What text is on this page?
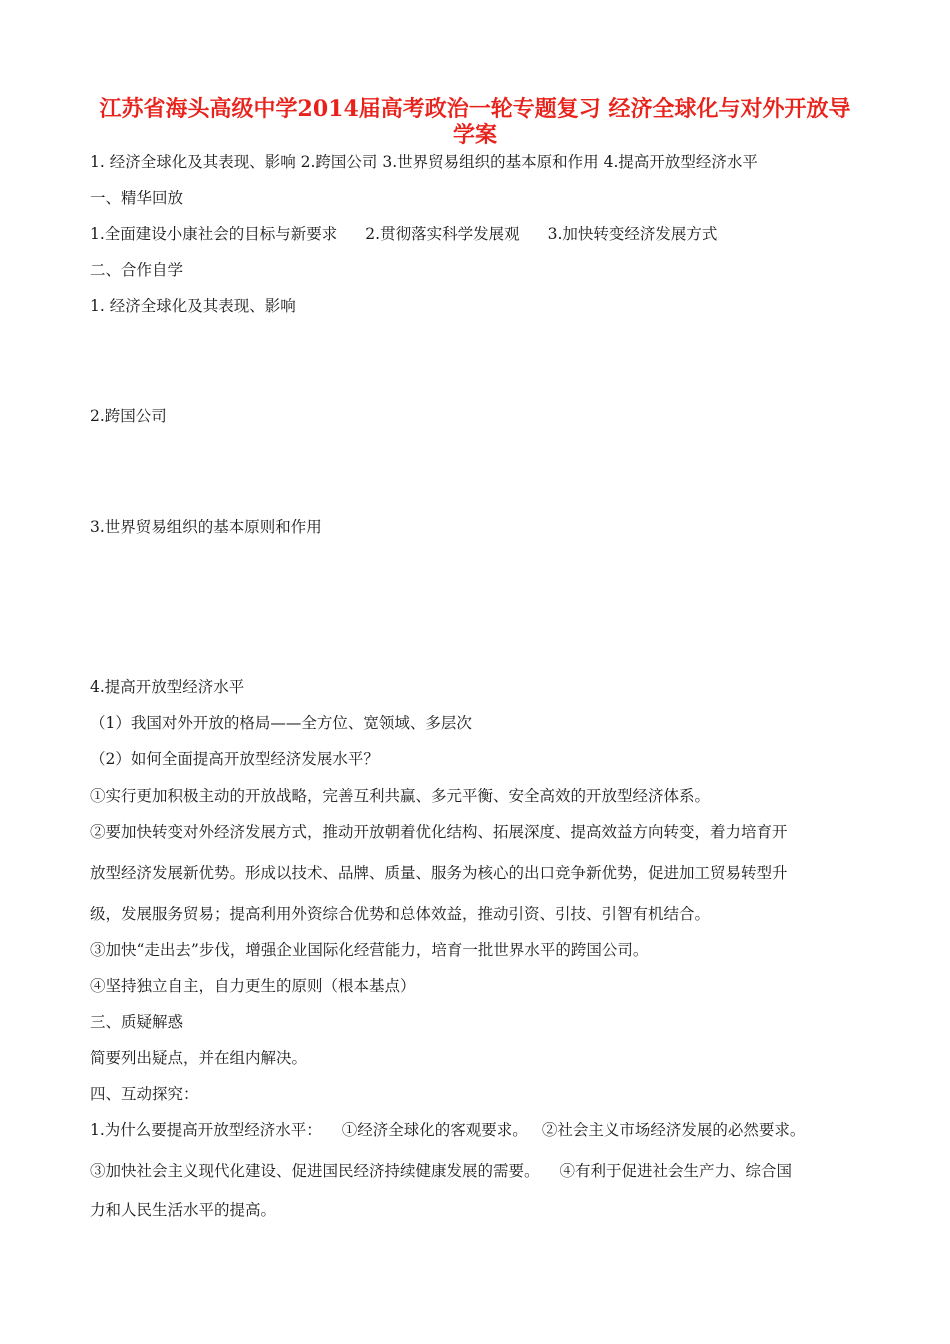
江苏省海头高级中学2014届高考政治一轮专题复习 经济全球化与对外开放导学案

1. 经济全球化及其表现、影响 2.跨国公司 3.世界贸易组织的基本原和作用 4.提高开放型经济水平

一、精华回放

1.全面建设小康社会的目标与新要求 2.贯彻落实科学发展观 3.加快转变经济发展方式

二、合作自学

1. 经济全球化及其表现、影响

2.跨国公司

3.世界贸易组织的基本原则和作用

4.提高开放型经济水平

（1）我国对外开放的格局——全方位、宽领域、多层次

（2）如何全面提高开放型经济发展水平？

①实行更加积极主动的开放战略，完善互利共赢、多元平衡、安全高效的开放型经济体系。

②要加快转变对外经济发展方式，推动开放朝着优化结构、拓展深度、提高效益方向转变，着力培育开

放型经济发展新优势。形成以技术、品牌、质量、服务为核心的出口竞争新优势，促进加工贸易转型升

级，发展服务贸易；提高利用外资综合优势和总体效益，推动引资、引技、引智有机结合。

③加快“走出去”步伐，增强企业国际化经营能力，培育一批世界水平的跨国公司。

④坚持独立自主，自力更生的原则（根本基点）

三、质疑解惑

简要列出疑点，并在组内解决。

四、互动探究：

1.为什么要提高开放型经济水平： ①经济全球化的客观要求。 ②社会主义市场经济发展的必然要求。

③加快社会主义现代化建设、促进国民经济持续健康发展的需要。 ④有利于促进社会生产力、综合国

力和人民生活水平的提高。
